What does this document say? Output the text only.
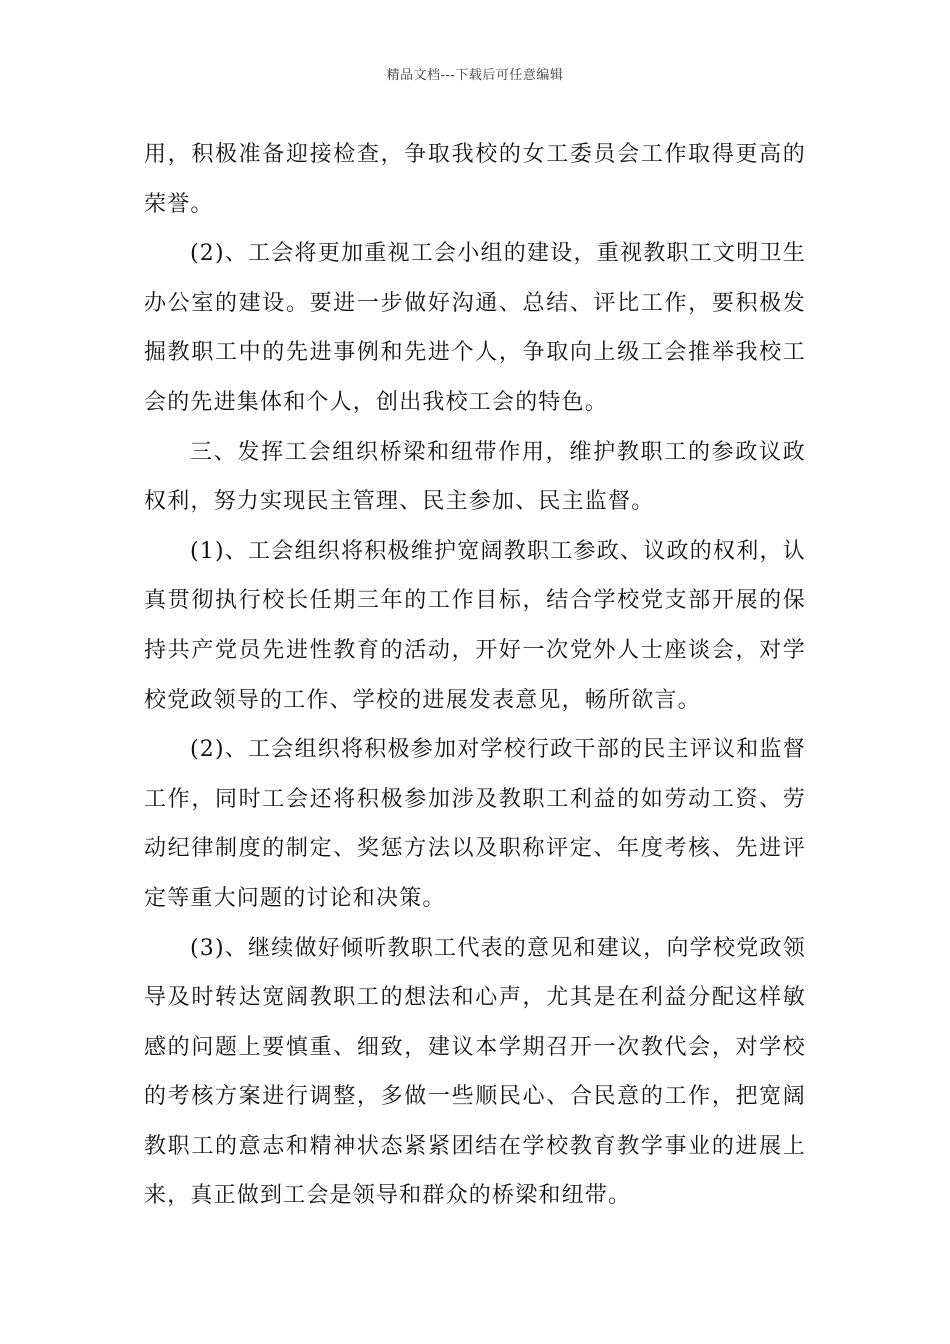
精品文档---下载后可任意编辑

用，积极准备迎接检查，争取我校的女工委员会工作取得更高的荣誉。

(2)、工会将更加重视工会小组的建设，重视教职工文明卫生办公室的建设。要进一步做好沟通、总结、评比工作，要积极发掘教职工中的先进事例和先进个人，争取向上级工会推举我校工会的先进集体和个人，创出我校工会的特色。

三、发挥工会组织桥梁和纽带作用，维护教职工的参政议政权利，努力实现民主管理、民主参加、民主监督。

(1)、工会组织将积极维护宽阔教职工参政、议政的权利，认真贯彻执行校长任期三年的工作目标，结合学校党支部开展的保持共产党员先进性教育的活动，开好一次党外人士座谈会，对学校党政领导的工作、学校的进展发表意见，畅所欲言。

(2)、工会组织将积极参加对学校行政干部的民主评议和监督工作，同时工会还将积极参加涉及教职工利益的如劳动工资、劳动纪律制度的制定、奖惩方法以及职称评定、年度考核、先进评定等重大问题的讨论和决策。

(3)、继续做好倾听教职工代表的意见和建议，向学校党政领导及时转达宽阔教职工的想法和心声，尤其是在利益分配这样敏感的问题上要慎重、细致，建议本学期召开一次教代会，对学校的考核方案进行调整，多做一些顺民心、合民意的工作，把宽阔教职工的意志和精神状态紧紧团结在学校教育教学事业的进展上来，真正做到工会是领导和群众的桥梁和纽带。
